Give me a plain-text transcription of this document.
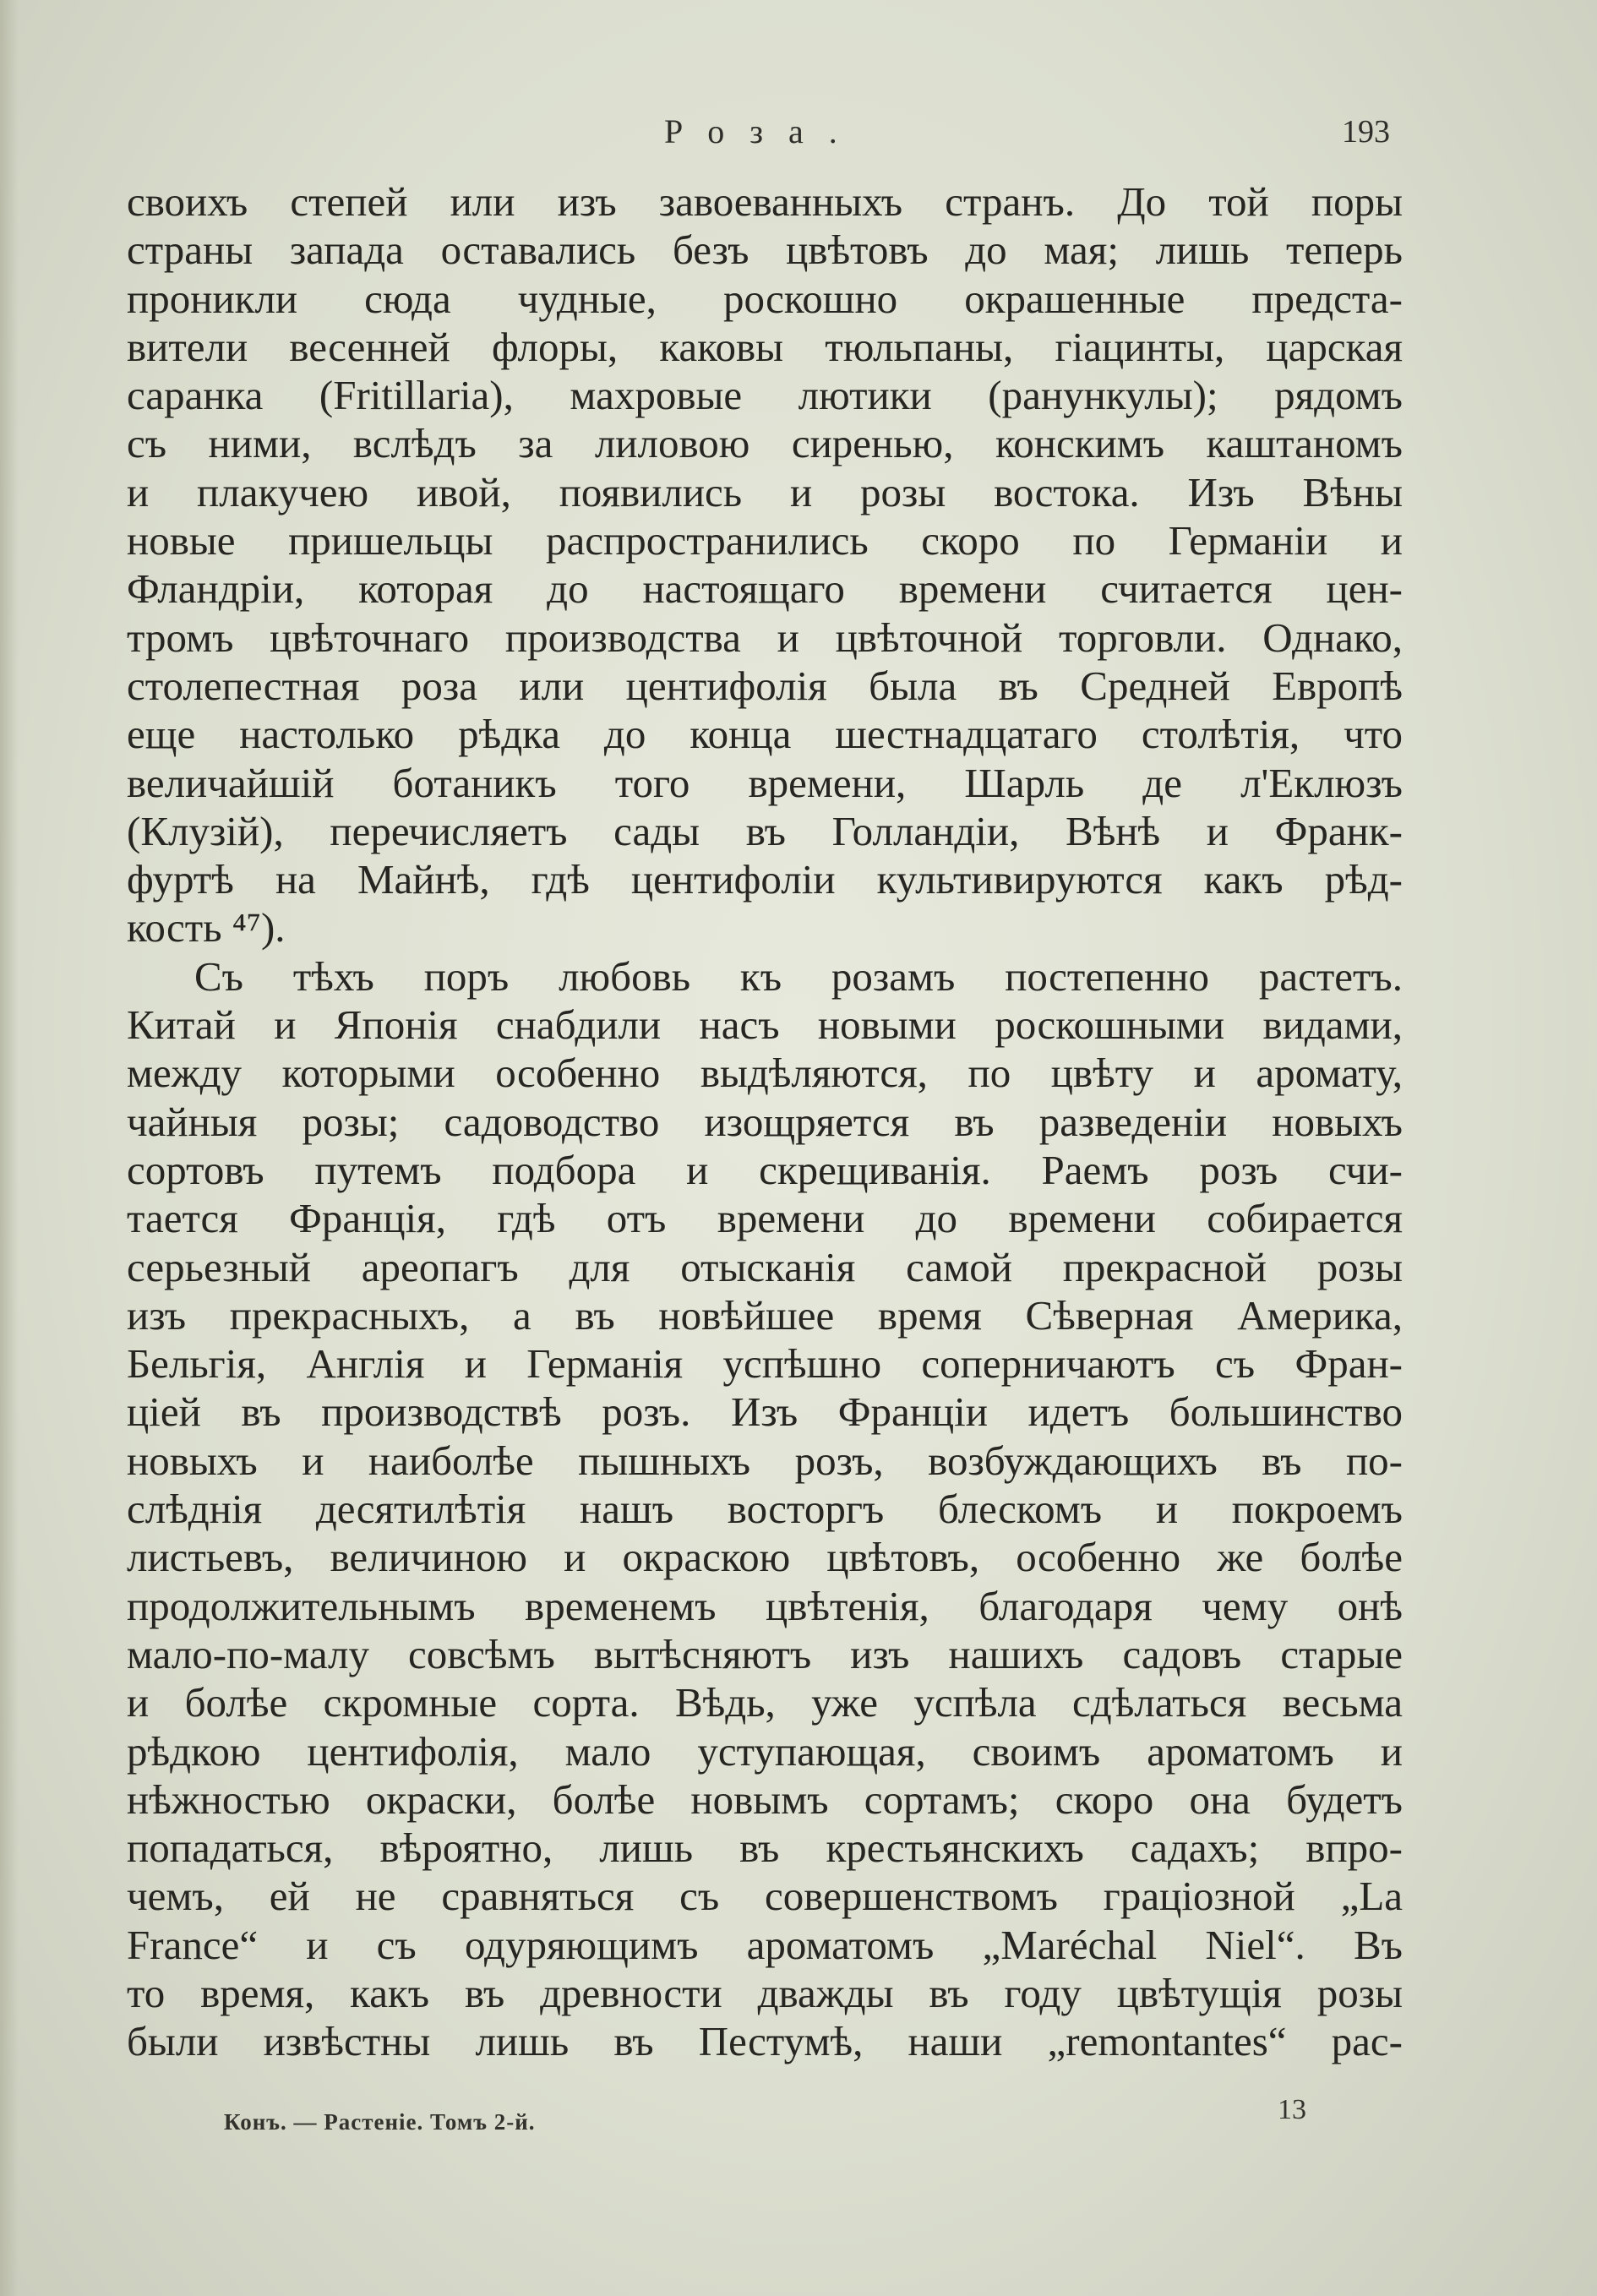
Роза.	193
своихъ степей или изъ завоеванныхъ странъ. До той поры
страны запада оставались безъ цвѣтовъ до мая; лишь теперь
проникли сюда чудные, роскошно окрашенные предста-
вители весенней флоры, каковы тюльпаны, гіацинты, царская
саранка (Fritillaria), махровые лютики (ранункулы); рядомъ
съ ними, вслѣдъ за лиловою сиренью, конскимъ каштаномъ
и плакучею ивой, появились и розы востока. Изъ Вѣны
новые пришельцы распространились скоро по Германіи и
Фландріи, которая до настоящаго времени считается цен-
тромъ цвѣточнаго производства и цвѣточной торговли. Однако,
столепестная роза или центифолія была въ Средней Европѣ
еще настолько рѣдка до конца шестнадцатаго столѣтія, что
величайшій ботаникъ того времени, Шарль де л'Еклюзъ
(Клузій), перечисляетъ сады въ Голландіи, Вѣнѣ и Франк-
фуртѣ на Майнѣ, гдѣ центифоліи культивируются какъ рѣд-
кость ⁴⁷).
Съ тѣхъ поръ любовь къ розамъ постепенно растетъ.
Китай и Японія снабдили насъ новыми роскошными видами,
между которыми особенно выдѣляются, по цвѣту и аромату,
чайныя розы; садоводство изощряется въ разведеніи новыхъ
сортовъ путемъ подбора и скрещиванія. Раемъ розъ счи-
тается Франція, гдѣ отъ времени до времени собирается
серьезный ареопагъ для отысканія самой прекрасной розы
изъ прекрасныхъ, а въ новѣйшее время Сѣверная Америка,
Бельгія, Англія и Германія успѣшно соперничаютъ съ Фран-
ціей въ производствѣ розъ. Изъ Франціи идетъ большинство
новыхъ и наиболѣе пышныхъ розъ, возбуждающихъ въ по-
слѣднія десятилѣтія нашъ восторгъ блескомъ и покроемъ
листьевъ, величиною и окраскою цвѣтовъ, особенно же болѣе
продолжительнымъ временемъ цвѣтенія, благодаря чему онѣ
мало-по-малу совсѣмъ вытѣсняютъ изъ нашихъ садовъ старые
и болѣе скромные сорта. Вѣдь, уже успѣла сдѣлаться весьма
рѣдкою центифолія, мало уступающая, своимъ ароматомъ и
нѣжностью окраски, болѣе новымъ сортамъ; скоро она будетъ
попадаться, вѣроятно, лишь въ крестьянскихъ садахъ; впро-
чемъ, ей не сравняться съ совершенствомъ граціозной „La
France“ и съ одуряющимъ ароматомъ „Maréchal Niel“. Въ
то время, какъ въ древности дважды въ году цвѣтущія розы
были извѣстны лишь въ Пестумѣ, наши „remontantes“ рас-
Конъ. — Растеніе. Томъ 2-й.	13
